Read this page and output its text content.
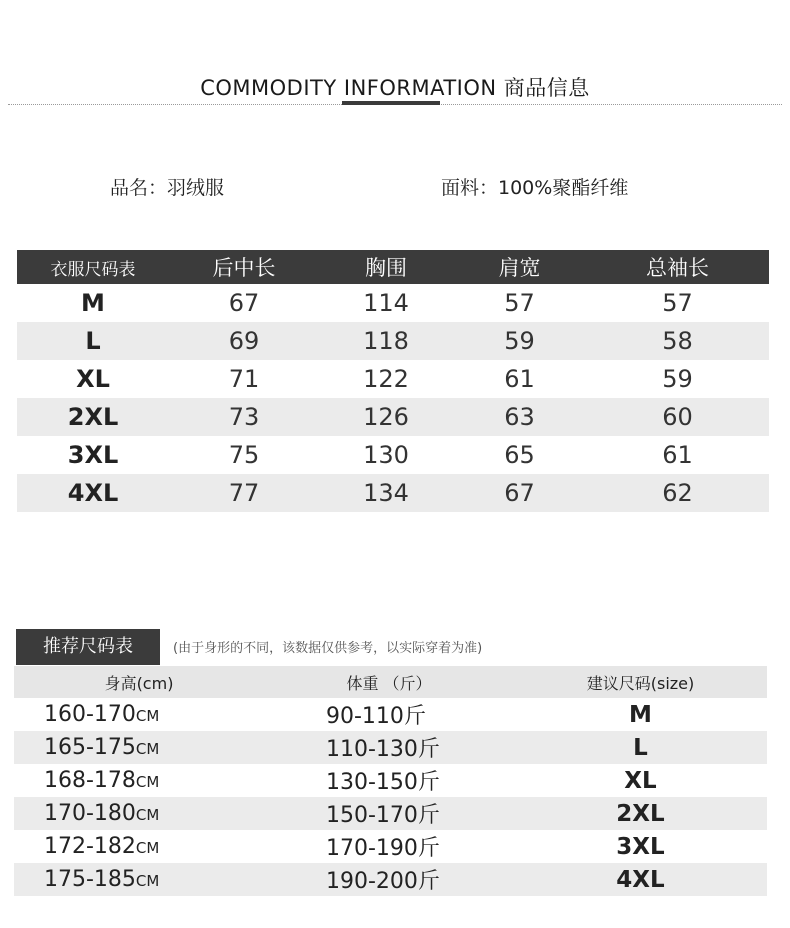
COMMODITY INFORMATION 商品信息
品名：羽绒服	面料：100%聚酯纤维
衣服尺码表	后中长	胸围	肩宽	总袖长
M	67	114	57	57
L	69	118	59	58
XL	71	122	61	59
2XL	73	126	63	60
3XL	75	130	65	61
4XL	77	134	67	62
推荐尺码表	(由于身形的不同，该数据仅供参考，以实际穿着为准)
身高(cm)	体重 （斤）	建议尺码(size)
160-170CM	90-110斤	M
165-175CM	110-130斤	L
168-178CM	130-150斤	XL
170-180CM	150-170斤	2XL
172-182CM	170-190斤	3XL
175-185CM	190-200斤	4XL
